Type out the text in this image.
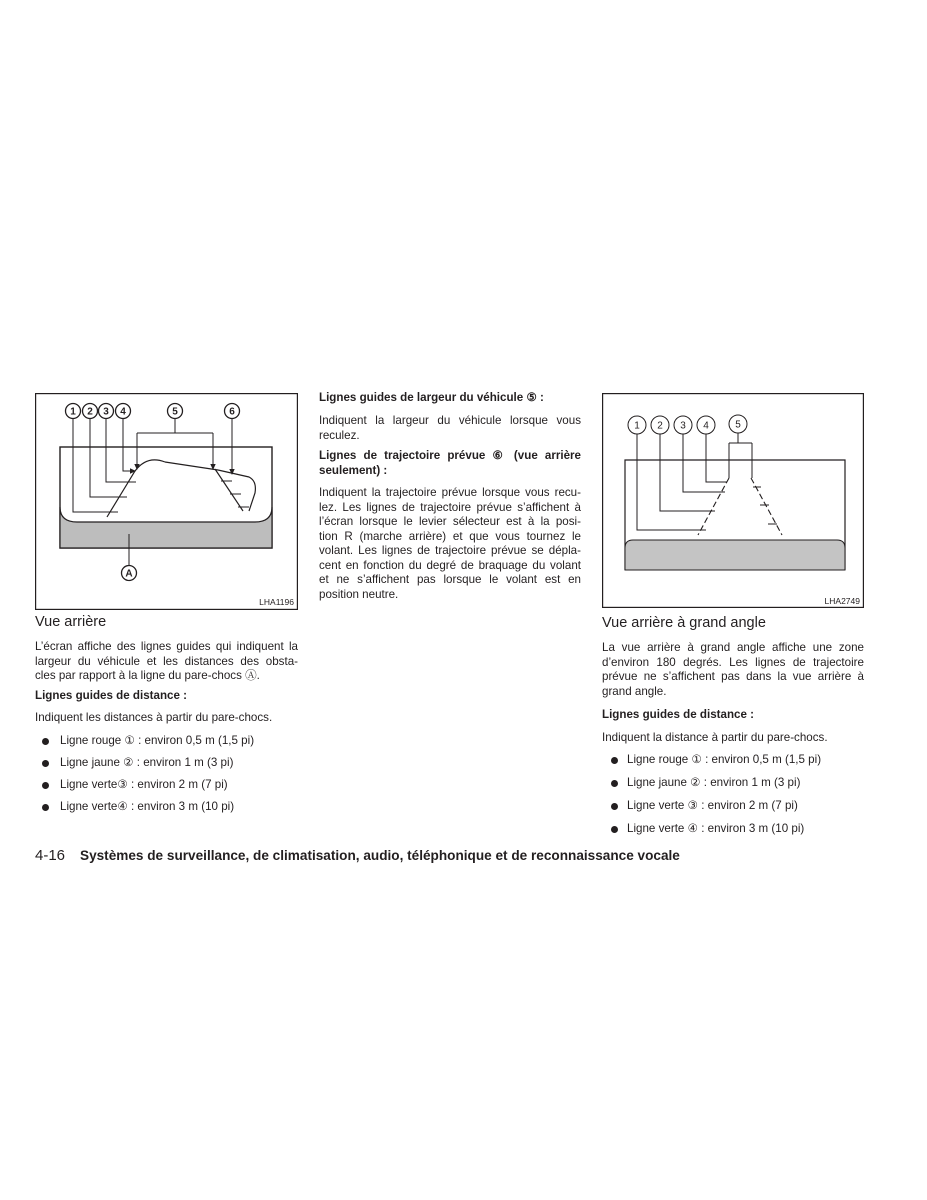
1 2 3 4	5	6
A
LHA1196
Vue arrière
L’écran affiche des lignes guides qui indiquent la
largeur du véhicule et les distances des obsta-
cles par rapport à la ligne du pare-chocs Ⓐ.
Lignes guides de distance :
Indiquent les distances à partir du pare-chocs.
Ligne rouge ① : environ 0,5 m (1,5 pi)
Ligne jaune ② : environ 1 m (3 pi)
Ligne verte③ : environ 2 m (7 pi)
Ligne verte④ : environ 3 m (10 pi)
Lignes guides de largeur du véhicule ⑤ :
Indiquent la largeur du véhicule lorsque vous
reculez.
Lignes de trajectoire prévue ⑥ (vue arrière
seulement) :
Indiquent la trajectoire prévue lorsque vous recu-
lez. Les lignes de trajectoire prévue s’affichent à
l’écran lorsque le levier sélecteur est à la posi-
tion R (marche arrière) et que vous tournez le
volant. Les lignes de trajectoire prévue se dépla-
cent en fonction du degré de braquage du volant
et ne s’affichent pas lorsque le volant est en
position neutre.
1 2 3 4	5
LHA2749
Vue arrière à grand angle
La vue arrière à grand angle affiche une zone
d’environ 180 degrés. Les lignes de trajectoire
prévue ne s’affichent pas dans la vue arrière à
grand angle.
Lignes guides de distance :
Indiquent la distance à partir du pare-chocs.
Ligne rouge ① : environ 0,5 m (1,5 pi)
Ligne jaune ② : environ 1 m (3 pi)
Ligne verte ③ : environ 2 m (7 pi)
Ligne verte ④ : environ 3 m (10 pi)
4-16 Systèmes de surveillance, de climatisation, audio, téléphonique et de reconnaissance vocale
